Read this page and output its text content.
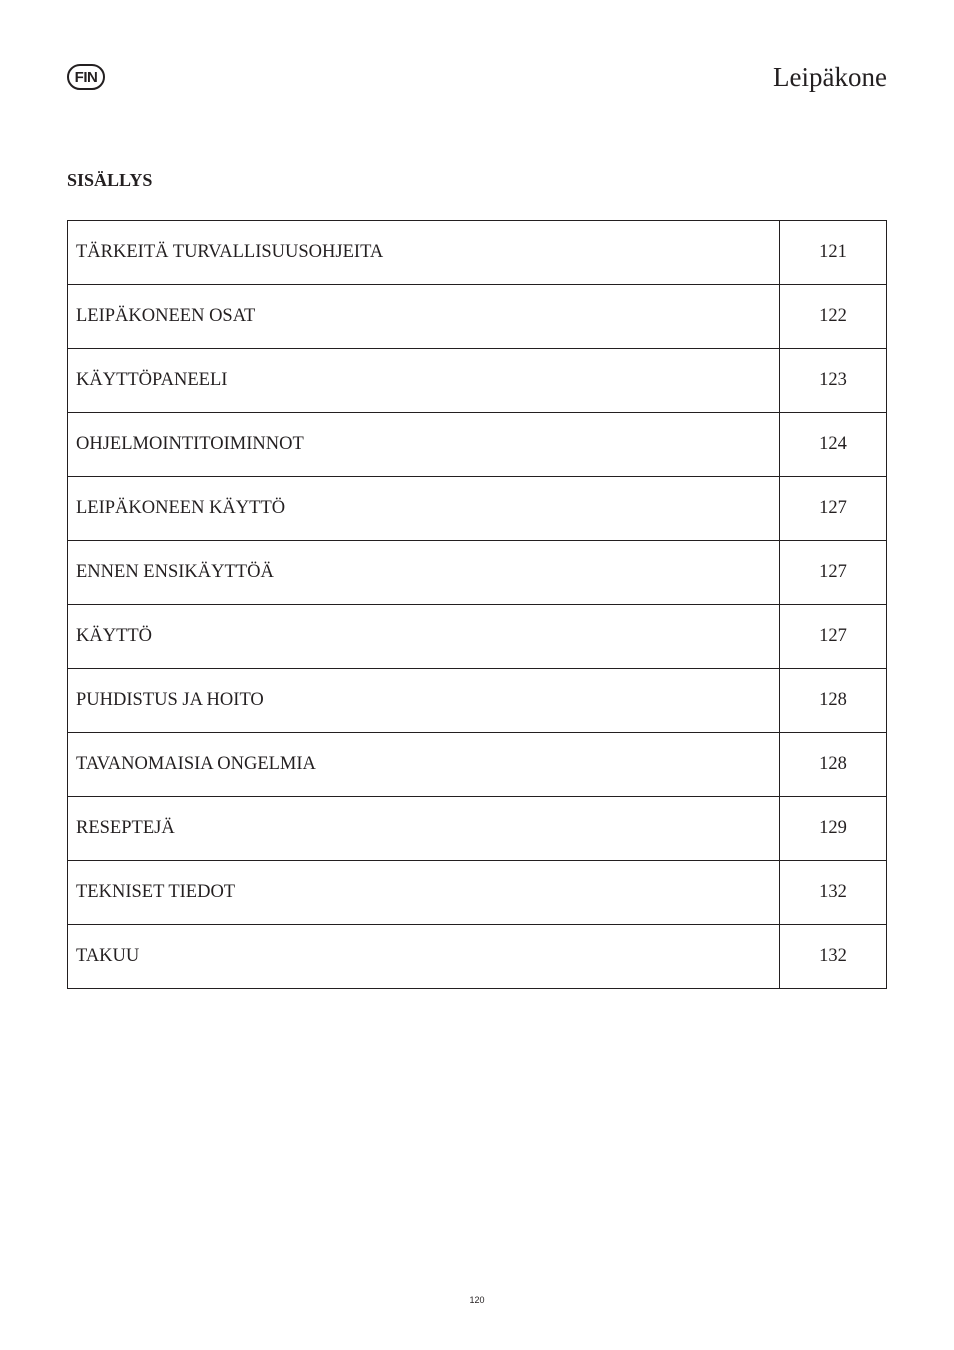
FIN	Leipäkone
SISÄLLYS
TÄRKEITÄ TURVALLISUUSOHJEITA	121
LEIPÄKONEEN OSAT	122
KÄYTTÖPANEELI	123
OHJELMOINTITOIMINNOT	124
LEIPÄKONEEN KÄYTTÖ	127
ENNEN ENSIKÄYTTÖÄ	127
KÄYTTÖ	127
PUHDISTUS JA HOITO	128
TAVANOMAISIA ONGELMIA	128
RESEPTEJÄ	129
TEKNISET TIEDOT	132
TAKUU	132
120
